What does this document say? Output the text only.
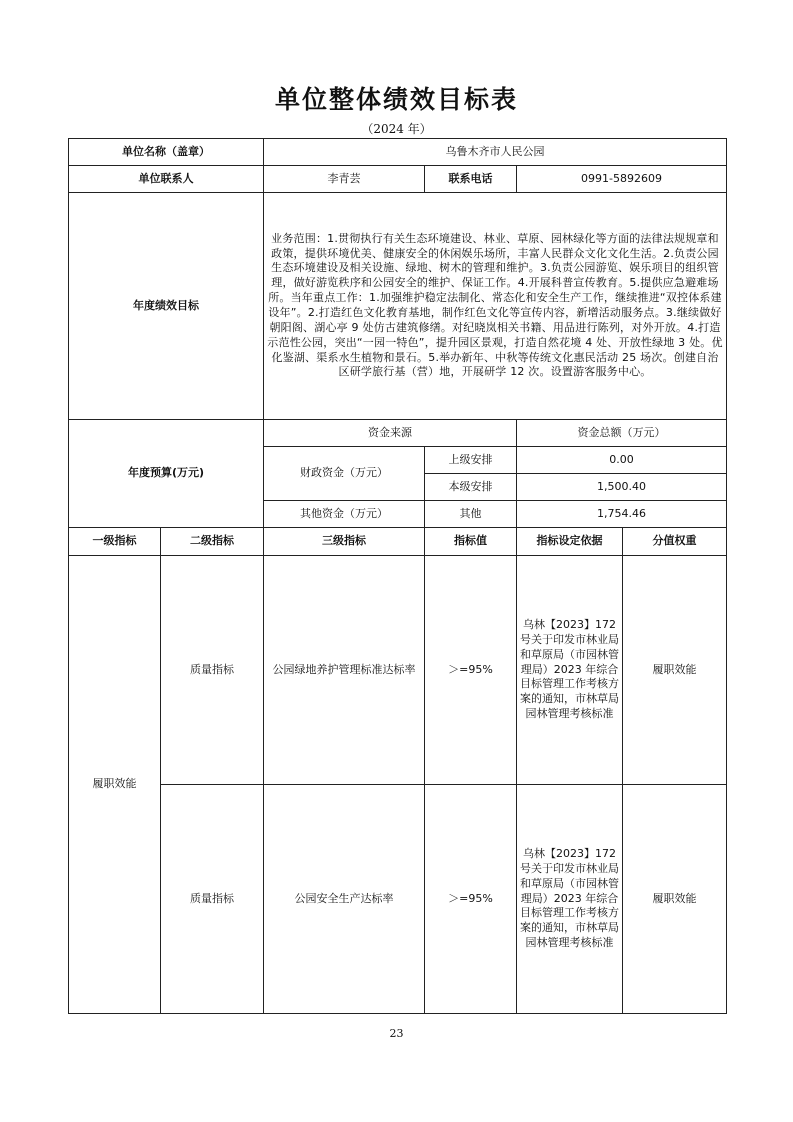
单位整体绩效目标表
（2024 年）
单位名称（盖章）		乌鲁木齐市人民公园			
单位联系人		李青芸	联系电话	0991-5892609	
年度绩效目标		业务范围：1.贯彻执行有关生态环境建设、林业、草原、园林绿化等方面的法律法规规章和政策，提供环境优美、健康安全的休闲娱乐场所，丰富人民群众文化文化生活。2.负责公园生态环境建设及相关设施、绿地、树木的管理和维护。3.负责公园游览、娱乐项目的组织管理，做好游览秩序和公园安全的维护、保证工作。4.开展科普宣传教育。5.提供应急避难场所。当年重点工作：1.加强维护稳定法制化、常态化和安全生产工作，继续推进“双控体系建设年”。2.打造红色文化教育基地，制作红色文化等宣传内容，新增活动服务点。3.继续做好朝阳阁、湖心亭 9 处仿古建筑修缮。对纪晓岚相关书籍、用品进行陈列，对外开放。4.打造示范性公园，突出“一园一特色”，提升园区景观，打造自然花境 4 处、开放性绿地 3 处。优化鉴湖、渠系水生植物和景石。5.举办新年、中秋等传统文化惠民活动 25 场次。创建自治区研学旅行基（营）地，开展研学 12 次。设置游客服务中心。			
年度预算(万元)		资金来源		资金总额（万元）	
		财政资金（万元）	上级安排	0.00	
			本级安排	1,500.40	
		其他资金（万元）	其他	1,754.46	
一级指标	二级指标	三级指标	指标值	指标设定依据	分值权重
履职效能	质量指标	公园绿地养护管理标准达标率	＞=95%	乌林【2023】172 号关于印发市林业局和草原局（市园林管理局）2023 年综合目标管理工作考核方案的通知，市林草局园林管理考核标准	履职效能
	质量指标	公园安全生产达标率	＞=95%	乌林【2023】172 号关于印发市林业局和草原局（市园林管理局）2023 年综合目标管理工作考核方案的通知，市林草局园林管理考核标准	履职效能
23
